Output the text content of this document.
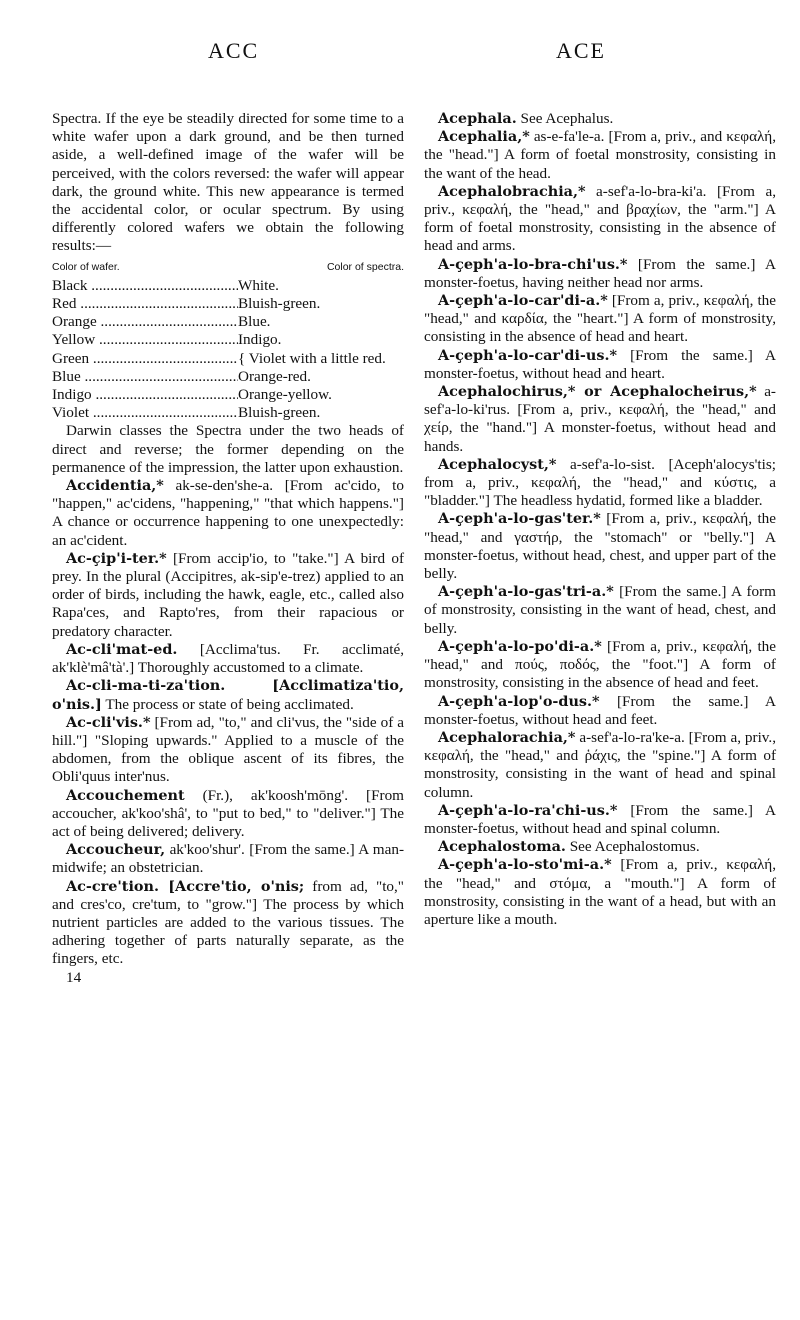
ACC	ACE

Spectra. If the eye be steadily directed for some time to a white wafer upon a dark ground, and be then turned aside, a well-defined image of the wafer will be perceived, with the colors reversed: the wafer will appear dark, the ground white. This new appearance is termed the accidental color, or ocular spectrum. By using differently colored wafers we obtain the following results:—

Color of wafer.	Color of spectra.
Black .....	White.
Red .....	Bluish-green.
Orange .....	Blue.
Yellow .....	Indigo.
Green .....	{ Violet with a little red.
Blue .....	Orange-red.
Indigo .....	Orange-yellow.
Violet .....	Bluish-green.

Darwin classes the Spectra under the two heads of direct and reverse; the former depending on the permanence of the impression, the latter upon exhaustion.

Accidentia,* ak-se-den'she-a. [From ac'cido, to "happen," ac'cidens, "happening," "that which happens."] A chance or occurrence happening to one unexpectedly: an ac'cident.

Ac-çip'i-ter.* [From accip'io, to "take."] A bird of prey. In the plural (Accipitres, ak-sip'e-trez) applied to an order of birds, including the hawk, eagle, etc., called also Rapa'ces, and Rapto'res, from their rapacious or predatory character.

Ac-cli'mat-ed. [Acclima'tus. Fr. acclimaté, ak'klè'mâ'tà'.] Thoroughly accustomed to a climate.

Ac-cli-ma-ti-za'tion. [Acclimatiza'tio, o'nis.] The process or state of being acclimated.

Ac-cli'vis.* [From ad, "to," and cli'vus, the "side of a hill."] "Sloping upwards." Applied to a muscle of the abdomen, from the oblique ascent of its fibres, the Obli'quus inter'nus.

Accouchement (Fr.), ak'koosh'mōng'. [From accoucher, ak'koo'shâ', to "put to bed," to "deliver."] The act of being delivered; delivery.

Accoucheur, ak'koo'shur'. [From the same.] A man-midwife; an obstetrician.

Ac-cre'tion. [Accre'tio, o'nis; from ad, "to," and cres'co, cre'tum, to "grow."] The process by which nutrient particles are added to the various tissues. The adhering together of parts naturally separate, as the fingers, etc.

14

Acephala. See Acephalus.

Acephalia,* as-e-fa'le-a. [From a, priv., and κεφαλή, the "head."] A form of foetal monstrosity, consisting in the want of the head.

Acephalobrachia,* a-sef'a-lo-bra-ki'a. [From a, priv., κεφαλή, the "head," and βραχίων, the "arm."] A form of foetal monstrosity, consisting in the absence of head and arms.

A-çeph'a-lo-bra-chi'us.* [From the same.] A monster-foetus, having neither head nor arms.

A-çeph'a-lo-car'di-a.* [From a, priv., κεφαλή, the "head," and καρδία, the "heart."] A form of monstrosity, consisting in the absence of head and heart.

A-çeph'a-lo-car'di-us.* [From the same.] A monster-foetus, without head and heart.

Acephalochirus,* or Acephalocheirus,* a-sef'a-lo-ki'rus. [From a, priv., κεφαλή, the "head," and χείρ, the "hand."] A monster-foetus, without head and hands.

Acephalocyst,* a-sef'a-lo-sist. [Aceph'alocys'tis; from a, priv., κεφαλή, the "head," and κύστις, a "bladder."] The headless hydatid, formed like a bladder.

A-çeph'a-lo-gas'ter.* [From a, priv., κεφαλή, the "head," and γαστήρ, the "stomach" or "belly."] A monster-foetus, without head, chest, and upper part of the belly.

A-çeph'a-lo-gas'tri-a.* [From the same.] A form of monstrosity, consisting in the want of head, chest, and belly.

A-çeph'a-lo-po'di-a.* [From a, priv., κεφαλή, the "head," and πούς, ποδός, the "foot."] A form of monstrosity, consisting in the absence of head and feet.

A-çeph'a-lop'o-dus.* [From the same.] A monster-foetus, without head and feet.

Acephalorachia,* a-sef'a-lo-ra'ke-a. [From a, priv., κεφαλή, the "head," and ῥάχις, the "spine."] A form of monstrosity, consisting in the want of head and spinal column.

A-çeph'a-lo-ra'chi-us.* [From the same.] A monster-foetus, without head and spinal column.

Acephalostoma. See Acephalostomus.

A-çeph'a-lo-sto'mi-a.* [From a, priv., κεφαλή, the "head," and στόμα, a "mouth."] A form of monstrosity, consisting in the want of a head, but with an aperture like a mouth.
